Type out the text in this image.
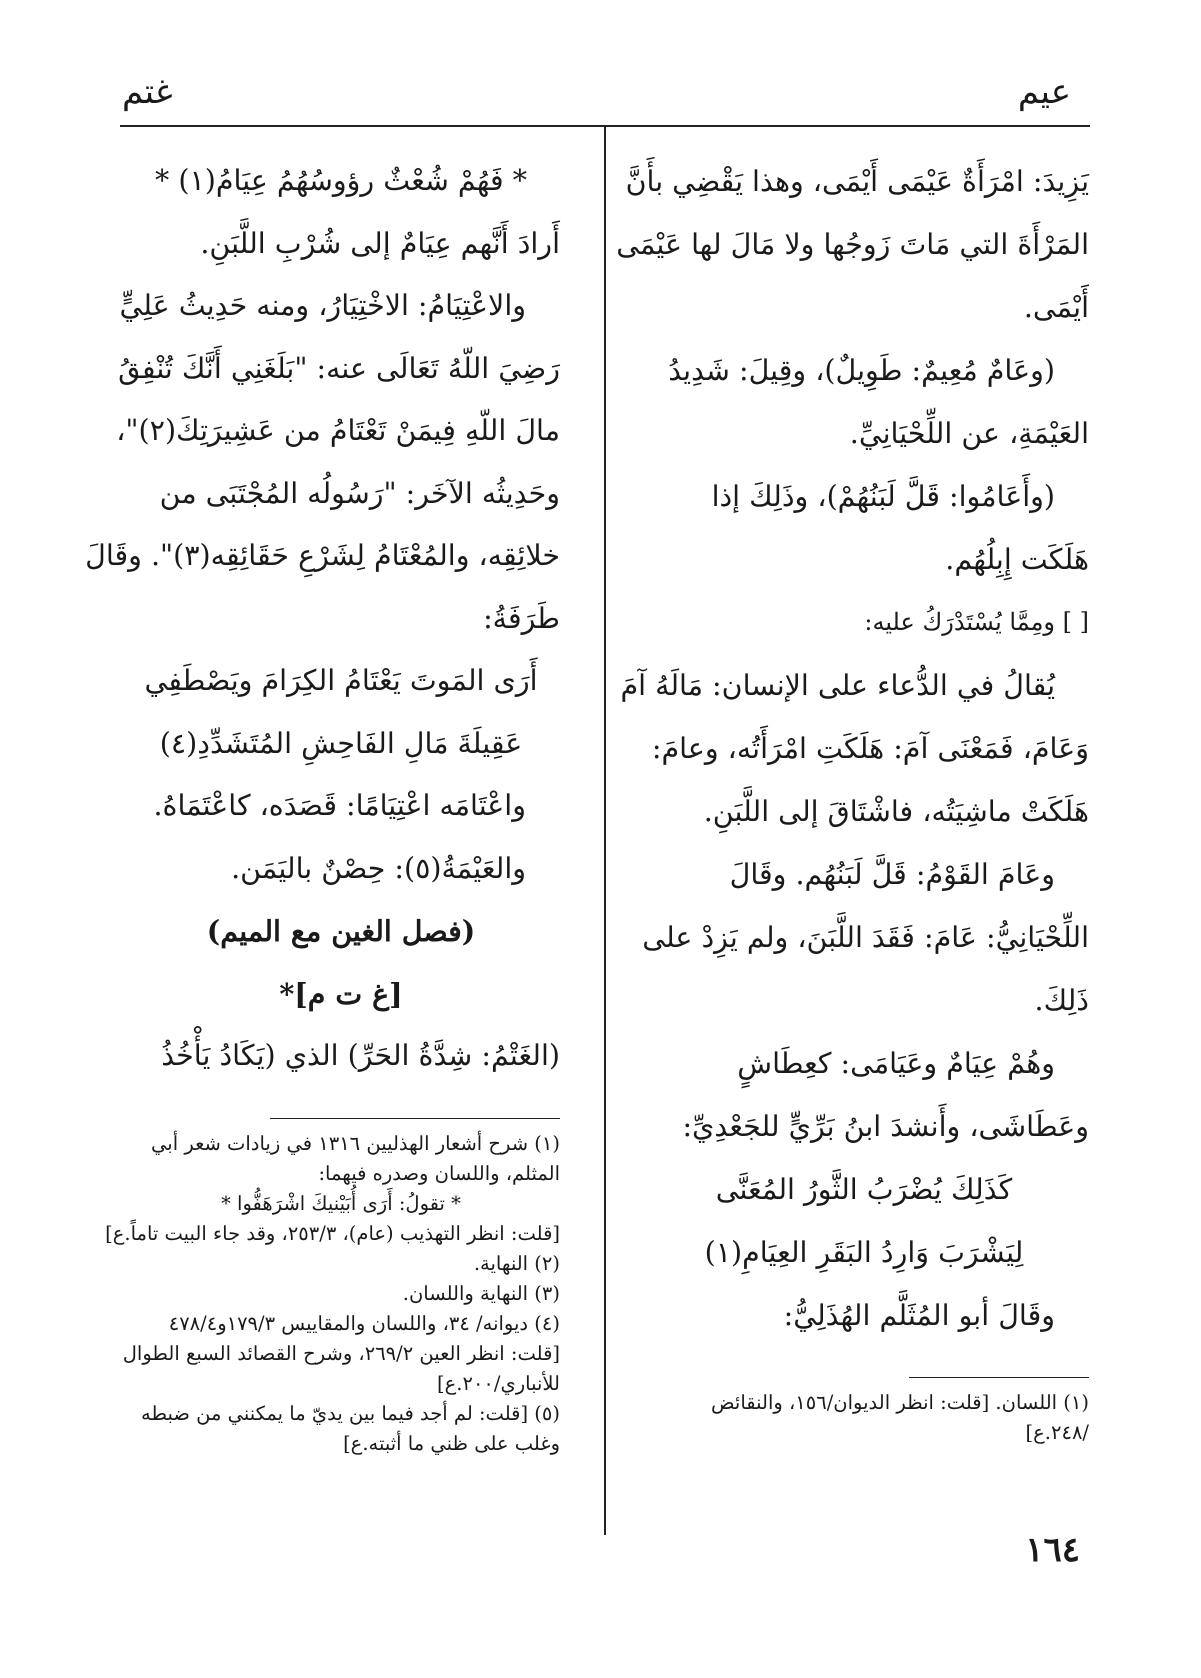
عيم
غتم

يَزِيدَ: امْرَأَةٌ عَيْمَى أَيْمَى، وهذا يَقْضِي بأَنَّ

المَرْأَةَ التي مَاتَ زَوجُها ولا مَالَ لها عَيْمَى

أَيْمَى.

(وعَامٌ مُعِيمٌ: طَوِيلٌ)، وقِيلَ: شَدِيدُ

العَيْمَةِ، عن اللِّحْيَانِيِّ.

(وأَعَامُوا: قَلَّ لَبَنُهُمْ)، وذَلِكَ إذا

هَلَكَت إِبِلُهُم.

[ ] ومِمَّا يُسْتَدْرَكُ عليه:

يُقالُ في الدُّعاء على الإنسان: مَالَهُ آمَ

وَعَامَ، فَمَعْنَى آمَ: هَلَكَتِ امْرَأَتُه، وعامَ:

هَلَكَتْ ماشِيَتُه، فاشْتَاقَ إلى اللَّبَنِ.

وعَامَ القَوْمُ: قَلَّ لَبَنُهُم. وقَالَ

اللِّحْيَانِيُّ: عَامَ: فَقَدَ اللَّبَنَ، ولم يَزِدْ على

ذَلِكَ.

وهُمْ عِيَامٌ وعَيَامَى: كعِطَاشٍ

وعَطَاشَى، وأَنشدَ ابنُ بَرِّيٍّ للجَعْدِيِّ:

كَذَلِكَ يُضْرَبُ الثَّورُ المُعَنَّى

لِيَشْرَبَ وَارِدُ البَقَرِ العِيَامِ(١)

وقَالَ أبو المُثَلَّم الهُذَلِيُّ:

(١) اللسان. [قلت: انظر الديوان/١٥٦، والنقائض

/٢٤٨.ع]

* فَهُمْ شُعْثٌ رؤوسُهُمُ عِيَامُ(١) *

أَرادَ أَنَّهم عِيَامٌ إلى شُرْبِ اللَّبَنِ.

والاعْتِيَامُ: الاخْتِيَارُ، ومنه حَدِيثُ عَلِيٍّ

رَضِيَ اللّهُ تَعَالَى عنه: "بَلَغَنِي أَنَّكَ تُنْفِقُ

مالَ اللّهِ فِيمَنْ تَعْتَامُ من عَشِيرَتِكَ(٢)"،

وحَدِيثُه الآخَر: "رَسُولُه المُجْتَبَى من

خلائِقِه، والمُعْتَامُ لِشَرْعِ حَقَائِقِه(٣)". وقَالَ

طَرَفَةُ:

أَرَى المَوتَ يَعْتَامُ الكِرَامَ ويَصْطَفِي

عَقِيلَةَ مَالِ الفَاحِشِ المُتَشَدِّدِ(٤)

واعْتَامَه اعْتِيَامًا: قَصَدَه، كاعْتَمَاهُ.

والعَيْمَةُ(٥): حِصْنٌ باليَمَن.

(فصل الغين مع الميم)

[غ ت م]*

(الغَتْمُ: شِدَّةُ الحَرِّ) الذي (يَكَادُ يَأْخُذُ

(١) شرح أشعار الهذليين ١٣١٦ في زيادات شعر أبي

المثلم، واللسان وصدره فيهما:

* تقولُ: أَرَى أُبَيْنيكَ اشْرَهَفُّوا *

[قلت: انظر التهذيب (عام)، ٢٥٣/٣، وقد جاء البيت تاماً.ع]

(٢) النهاية.

(٣) النهاية واللسان.

(٤) ديوانه/ ٣٤، واللسان والمقاييس ١٧٩/٣و٤٧٨/٤

[قلت: انظر العين ٢٦٩/٢، وشرح القصائد السبع الطوال

للأنباري/٢٠٠.ع]

(٥) [قلت: لم أجد فيما بين يديّ ما يمكنني من ضبطه

وغلب على ظني ما أثبته.ع]

١٦٤
